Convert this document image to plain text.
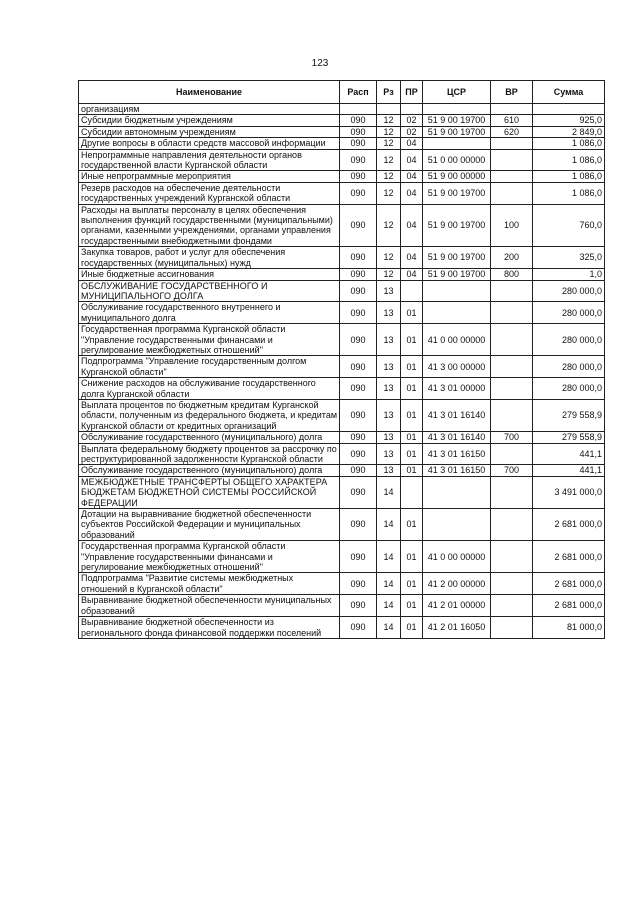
123
Наименование	Расп	Рз	ПР	ЦСР	ВР	Сумма
организациям						
Субсидии бюджетным учреждениям	090	12	02	51 9 00 19700	610	925,0
Субсидии автономным учреждениям	090	12	02	51 9 00 19700	620	2 849,0
Другие вопросы в области средств массовой информации	090	12	04			1 086,0
Непрограммные направления деятельности органов государственной власти Курганской области	090	12	04	51 0 00 00000		1 086,0
Иные непрограммные мероприятия	090	12	04	51 9 00 00000		1 086,0
Резерв расходов на обеспечение деятельности государственных учреждений Курганской области	090	12	04	51 9 00 19700		1 086,0
Расходы на выплаты персоналу в целях обеспечения выполнения функций государственными (муниципальными) органами, казенными учреждениями, органами управления государственными внебюджетными фондами	090	12	04	51 9 00 19700	100	760,0
Закупка товаров, работ и услуг для обеспечения государственных (муниципальных) нужд	090	12	04	51 9 00 19700	200	325,0
Иные бюджетные ассигнования	090	12	04	51 9 00 19700	800	1,0
ОБСЛУЖИВАНИЕ ГОСУДАРСТВЕННОГО И МУНИЦИПАЛЬНОГО ДОЛГА	090	13				280 000,0
Обслуживание государственного внутреннего и муниципального долга	090	13	01			280 000,0
Государственная программа Курганской области "Управление государственными финансами и регулирование межбюджетных отношений"	090	13	01	41 0 00 00000		280 000,0
Подпрограмма "Управление государственным долгом Курганской области"	090	13	01	41 3 00 00000		280 000,0
Снижение расходов на обслуживание государственного долга Курганской области	090	13	01	41 3 01 00000		280 000,0
Выплата процентов по бюджетным кредитам Курганской области, полученным из федерального бюджета, и кредитам Курганской области от кредитных организаций	090	13	01	41 3 01 16140		279 558,9
Обслуживание государственного (муниципального) долга	090	13	01	41 3 01 16140	700	279 558,9
Выплата федеральному бюджету процентов за рассрочку по реструктурированной задолженности Курганской области	090	13	01	41 3 01 16150		441,1
Обслуживание государственного (муниципального) долга	090	13	01	41 3 01 16150	700	441,1
МЕЖБЮДЖЕТНЫЕ ТРАНСФЕРТЫ ОБЩЕГО ХАРАКТЕРА БЮДЖЕТАМ БЮДЖЕТНОЙ СИСТЕМЫ РОССИЙСКОЙ ФЕДЕРАЦИИ	090	14				3 491 000,0
Дотации на выравнивание бюджетной обеспеченности субъектов Российской Федерации и муниципальных образований	090	14	01			2 681 000,0
Государственная программа Курганской области "Управление государственными финансами и регулирование межбюджетных отношений"	090	14	01	41 0 00 00000		2 681 000,0
Подпрограмма "Развитие системы межбюджетных отношений в Курганской области"	090	14	01	41 2 00 00000		2 681 000,0
Выравнивание бюджетной обеспеченности муниципальных образований	090	14	01	41 2 01 00000		2 681 000,0
Выравнивание бюджетной обеспеченности из регионального фонда финансовой поддержки поселений	090	14	01	41 2 01 16050		81 000,0
